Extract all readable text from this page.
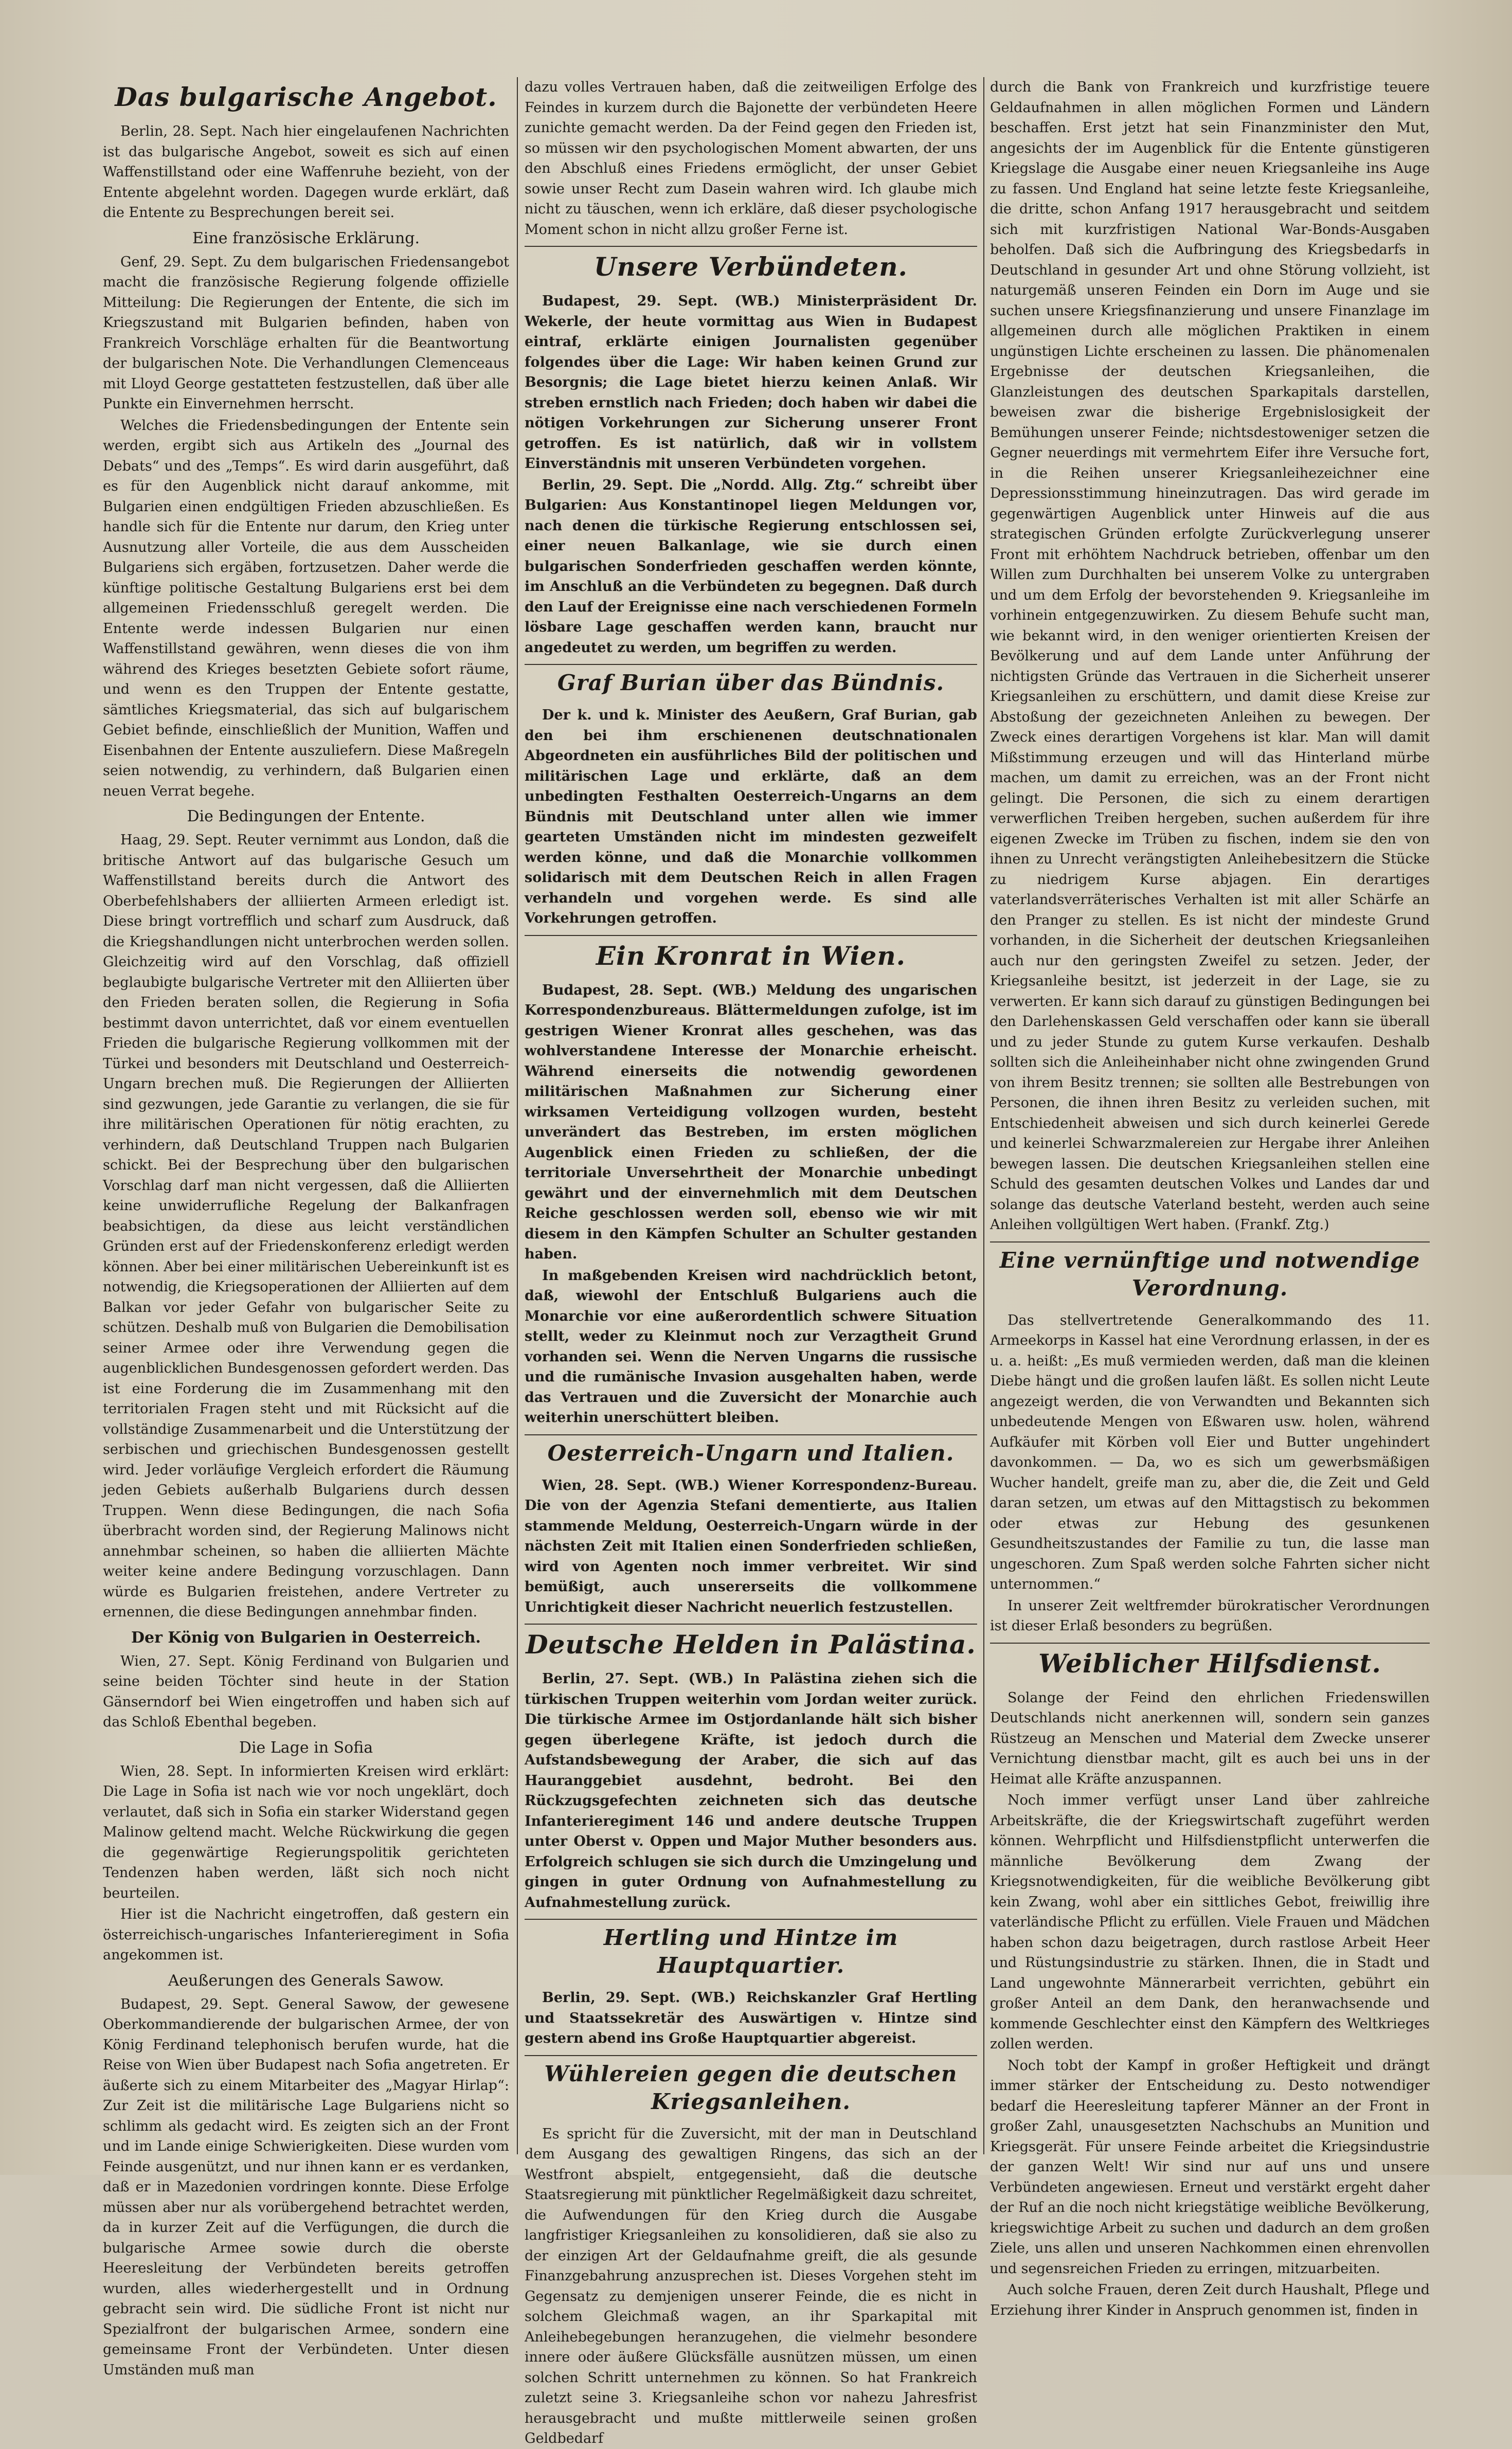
Das bulgarische Angebot.

Berlin, 28. Sept. Nach hier eingelaufenen Nachrichten ist das bulgarische Angebot, soweit es sich auf einen Waffenstillstand oder eine Waffenruhe bezieht, von der Entente abgelehnt worden. Dagegen wurde erklärt, daß die Entente zu Besprechungen bereit sei.

Eine französische Erklärung.

Genf, 29. Sept. Zu dem bulgarischen Friedensangebot macht die französische Regierung folgende offizielle Mitteilung: Die Regierungen der Entente, die sich im Kriegszustand mit Bulgarien befinden, haben von Frankreich Vorschläge erhalten für die Beantwortung der bulgarischen Note. Die Verhandlungen Clemenceaus mit Lloyd George gestatteten festzustellen, daß über alle Punkte ein Einvernehmen herrscht.

Welches die Friedensbedingungen der Entente sein werden, ergibt sich aus Artikeln des „Journal des Debats“ und des „Temps“. Es wird darin ausgeführt, daß es für den Augenblick nicht darauf ankomme, mit Bulgarien einen endgültigen Frieden abzuschließen. Es handle sich für die Entente nur darum, den Krieg unter Ausnutzung aller Vorteile, die aus dem Ausscheiden Bulgariens sich ergäben, fortzusetzen. Daher werde die künftige politische Gestaltung Bulgariens erst bei dem allgemeinen Friedensschluß geregelt werden. Die Entente werde indessen Bulgarien nur einen Waffenstillstand gewähren, wenn dieses die von ihm während des Krieges besetzten Gebiete sofort räume, und wenn es den Truppen der Entente gestatte, sämtliches Kriegsmaterial, das sich auf bulgarischem Gebiet befinde, einschließlich der Munition, Waffen und Eisenbahnen der Entente auszuliefern. Diese Maßregeln seien notwendig, zu verhindern, daß Bulgarien einen neuen Verrat begehe.

Die Bedingungen der Entente.

Haag, 29. Sept. Reuter vernimmt aus London, daß die britische Antwort auf das bulgarische Gesuch um Waffenstillstand bereits durch die Antwort des Oberbefehlshabers der alliierten Armeen erledigt ist. Diese bringt vortrefflich und scharf zum Ausdruck, daß die Kriegshandlungen nicht unterbrochen werden sollen. Gleichzeitig wird auf den Vorschlag, daß offiziell beglaubigte bulgarische Vertreter mit den Alliierten über den Frieden beraten sollen, die Regierung in Sofia bestimmt davon unterrichtet, daß vor einem eventuellen Frieden die bulgarische Regierung vollkommen mit der Türkei und besonders mit Deutschland und Oesterreich-Ungarn brechen muß. Die Regierungen der Alliierten sind gezwungen, jede Garantie zu verlangen, die sie für ihre militärischen Operationen für nötig erachten, zu verhindern, daß Deutschland Truppen nach Bulgarien schickt. Bei der Besprechung über den bulgarischen Vorschlag darf man nicht vergessen, daß die Alliierten keine unwiderrufliche Regelung der Balkanfragen beabsichtigen, da diese aus leicht verständlichen Gründen erst auf der Friedenskonferenz erledigt werden können. Aber bei einer militärischen Uebereinkunft ist es notwendig, die Kriegsoperationen der Alliierten auf dem Balkan vor jeder Gefahr von bulgarischer Seite zu schützen. Deshalb muß von Bulgarien die Demobilisation seiner Armee oder ihre Verwendung gegen die augenblicklichen Bundesgenossen gefordert werden. Das ist eine Forderung die im Zusammenhang mit den territorialen Fragen steht und mit Rücksicht auf die vollständige Zusammenarbeit und die Unterstützung der serbischen und griechischen Bundesgenossen gestellt wird. Jeder vorläufige Vergleich erfordert die Räumung jeden Gebiets außerhalb Bulgariens durch dessen Truppen. Wenn diese Bedingungen, die nach Sofia überbracht worden sind, der Regierung Malinows nicht annehmbar scheinen, so haben die alliierten Mächte weiter keine andere Bedingung vorzuschlagen. Dann würde es Bulgarien freistehen, andere Vertreter zu ernennen, die diese Bedingungen annehmbar finden.

Der König von Bulgarien in Oesterreich.

Wien, 27. Sept. König Ferdinand von Bulgarien und seine beiden Töchter sind heute in der Station Gänserndorf bei Wien eingetroffen und haben sich auf das Schloß Ebenthal begeben.

Die Lage in Sofia

Wien, 28. Sept. In informierten Kreisen wird erklärt: Die Lage in Sofia ist nach wie vor noch ungeklärt, doch verlautet, daß sich in Sofia ein starker Widerstand gegen Malinow geltend macht. Welche Rückwirkung die gegen die gegenwärtige Regierungspolitik gerichteten Tendenzen haben werden, läßt sich noch nicht beurteilen.

Hier ist die Nachricht eingetroffen, daß gestern ein österreichisch-ungarisches Infanterieregiment in Sofia angekommen ist.

Aeußerungen des Generals Sawow.

Budapest, 29. Sept. General Sawow, der gewesene Oberkommandierende der bulgarischen Armee, der von König Ferdinand telephonisch berufen wurde, hat die Reise von Wien über Budapest nach Sofia angetreten. Er äußerte sich zu einem Mitarbeiter des „Magyar Hirlap“: Zur Zeit ist die militärische Lage Bulgariens nicht so schlimm als gedacht wird. Es zeigten sich an der Front und im Lande einige Schwierigkeiten. Diese wurden vom Feinde ausgenützt, und nur ihnen kann er es verdanken, daß er in Mazedonien vordringen konnte. Diese Erfolge müssen aber nur als vorübergehend betrachtet werden, da in kurzer Zeit auf die Verfügungen, die durch die bulgarische Armee sowie durch die oberste Heeresleitung der Verbündeten bereits getroffen wurden, alles wiederhergestellt und in Ordnung gebracht sein wird. Die südliche Front ist nicht nur Spezialfront der bulgarischen Armee, sondern eine gemeinsame Front der Verbündeten. Unter diesen Umständen muß man

dazu volles Vertrauen haben, daß die zeitweiligen Erfolge des Feindes in kurzem durch die Bajonette der verbündeten Heere zunichte gemacht werden. Da der Feind gegen den Frieden ist, so müssen wir den psychologischen Moment abwarten, der uns den Abschluß eines Friedens ermöglicht, der unser Gebiet sowie unser Recht zum Dasein wahren wird. Ich glaube mich nicht zu täuschen, wenn ich erkläre, daß dieser psychologische Moment schon in nicht allzu großer Ferne ist.

Unsere Verbündeten.

Budapest, 29. Sept. (WB.) Ministerpräsident Dr. Wekerle, der heute vormittag aus Wien in Budapest eintraf, erklärte einigen Journalisten gegenüber folgendes über die Lage: Wir haben keinen Grund zur Besorgnis; die Lage bietet hierzu keinen Anlaß. Wir streben ernstlich nach Frieden; doch haben wir dabei die nötigen Vorkehrungen zur Sicherung unserer Front getroffen. Es ist natürlich, daß wir in vollstem Einverständnis mit unseren Verbündeten vorgehen.

Berlin, 29. Sept. Die „Nordd. Allg. Ztg.“ schreibt über Bulgarien: Aus Konstantinopel liegen Meldungen vor, nach denen die türkische Regierung entschlossen sei, einer neuen Balkanlage, wie sie durch einen bulgarischen Sonderfrieden geschaffen werden könnte, im Anschluß an die Verbündeten zu begegnen. Daß durch den Lauf der Ereignisse eine nach verschiedenen Formeln lösbare Lage geschaffen werden kann, braucht nur angedeutet zu werden, um begriffen zu werden.

Graf Burian über das Bündnis.

Der k. und k. Minister des Aeußern, Graf Burian, gab den bei ihm erschienenen deutschnationalen Abgeordneten ein ausführliches Bild der politischen und militärischen Lage und erklärte, daß an dem unbedingten Festhalten Oesterreich-Ungarns an dem Bündnis mit Deutschland unter allen wie immer gearteten Umständen nicht im mindesten gezweifelt werden könne, und daß die Monarchie vollkommen solidarisch mit dem Deutschen Reich in allen Fragen verhandeln und vorgehen werde. Es sind alle Vorkehrungen getroffen.

Ein Kronrat in Wien.

Budapest, 28. Sept. (WB.) Meldung des ungarischen Korrespondenzbureaus. Blättermeldungen zufolge, ist im gestrigen Wiener Kronrat alles geschehen, was das wohlverstandene Interesse der Monarchie erheischt. Während einerseits die notwendig gewordenen militärischen Maßnahmen zur Sicherung einer wirksamen Verteidigung vollzogen wurden, besteht unverändert das Bestreben, im ersten möglichen Augenblick einen Frieden zu schließen, der die territoriale Unversehrtheit der Monarchie unbedingt gewährt und der einvernehmlich mit dem Deutschen Reiche geschlossen werden soll, ebenso wie wir mit diesem in den Kämpfen Schulter an Schulter gestanden haben.

In maßgebenden Kreisen wird nachdrücklich betont, daß, wiewohl der Entschluß Bulgariens auch die Monarchie vor eine außerordentlich schwere Situation stellt, weder zu Kleinmut noch zur Verzagtheit Grund vorhanden sei. Wenn die Nerven Ungarns die russische und die rumänische Invasion ausgehalten haben, werde das Vertrauen und die Zuversicht der Monarchie auch weiterhin unerschüttert bleiben.

Oesterreich-Ungarn und Italien.

Wien, 28. Sept. (WB.) Wiener Korrespondenz-Bureau. Die von der Agenzia Stefani dementierte, aus Italien stammende Meldung, Oesterreich-Ungarn würde in der nächsten Zeit mit Italien einen Sonderfrieden schließen, wird von Agenten noch immer verbreitet. Wir sind bemüßigt, auch unsererseits die vollkommene Unrichtigkeit dieser Nachricht neuerlich festzustellen.

Deutsche Helden in Palästina.

Berlin, 27. Sept. (WB.) In Palästina ziehen sich die türkischen Truppen weiterhin vom Jordan weiter zurück. Die türkische Armee im Ostjordanlande hält sich bisher gegen überlegene Kräfte, ist jedoch durch die Aufstandsbewegung der Araber, die sich auf das Hauranggebiet ausdehnt, bedroht. Bei den Rückzugsgefechten zeichneten sich das deutsche Infanterieregiment 146 und andere deutsche Truppen unter Oberst v. Oppen und Major Muther besonders aus. Erfolgreich schlugen sie sich durch die Umzingelung und gingen in guter Ordnung von Aufnahmestellung zu Aufnahmestellung zurück.

Hertling und Hintze im Hauptquartier.

Berlin, 29. Sept. (WB.) Reichskanzler Graf Hertling und Staatssekretär des Auswärtigen v. Hintze sind gestern abend ins Große Hauptquartier abgereist.

Wühlereien gegen die deutschen Kriegsanleihen.

Es spricht für die Zuversicht, mit der man in Deutschland dem Ausgang des gewaltigen Ringens, das sich an der Westfront abspielt, entgegensieht, daß die deutsche Staatsregierung mit pünktlicher Regelmäßigkeit dazu schreitet, die Aufwendungen für den Krieg durch die Ausgabe langfristiger Kriegsanleihen zu konsolidieren, daß sie also zu der einzigen Art der Geldaufnahme greift, die als gesunde Finanzgebahrung anzusprechen ist. Dieses Vorgehen steht im Gegensatz zu demjenigen unserer Feinde, die es nicht in solchem Gleichmaß wagen, an ihr Sparkapital mit Anleihebegebungen heranzugehen, die vielmehr besondere innere oder äußere Glücksfälle ausnützen müssen, um einen solchen Schritt unternehmen zu können. So hat Frankreich zuletzt seine 3. Kriegsanleihe schon vor nahezu Jahresfrist herausgebracht und mußte mittlerweile seinen großen Geldbedarf

durch die Bank von Frankreich und kurzfristige teuere Geldaufnahmen in allen möglichen Formen und Ländern beschaffen. Erst jetzt hat sein Finanzminister den Mut, angesichts der im Augenblick für die Entente günstigeren Kriegslage die Ausgabe einer neuen Kriegsanleihe ins Auge zu fassen. Und England hat seine letzte feste Kriegsanleihe, die dritte, schon Anfang 1917 herausgebracht und seitdem sich mit kurzfristigen National War-Bonds-Ausgaben beholfen. Daß sich die Aufbringung des Kriegsbedarfs in Deutschland in gesunder Art und ohne Störung vollzieht, ist naturgemäß unseren Feinden ein Dorn im Auge und sie suchen unsere Kriegsfinanzierung und unsere Finanzlage im allgemeinen durch alle möglichen Praktiken in einem ungünstigen Lichte erscheinen zu lassen. Die phänomenalen Ergebnisse der deutschen Kriegsanleihen, die Glanzleistungen des deutschen Sparkapitals darstellen, beweisen zwar die bisherige Ergebnislosigkeit der Bemühungen unserer Feinde; nichtsdestoweniger setzen die Gegner neuerdings mit vermehrtem Eifer ihre Versuche fort, in die Reihen unserer Kriegsanleihezeichner eine Depressionsstimmung hineinzutragen. Das wird gerade im gegenwärtigen Augenblick unter Hinweis auf die aus strategischen Gründen erfolgte Zurückverlegung unserer Front mit erhöhtem Nachdruck betrieben, offenbar um den Willen zum Durchhalten bei unserem Volke zu untergraben und um dem Erfolg der bevorstehenden 9. Kriegsanleihe im vorhinein entgegenzuwirken. Zu diesem Behufe sucht man, wie bekannt wird, in den weniger orientierten Kreisen der Bevölkerung und auf dem Lande unter Anführung der nichtigsten Gründe das Vertrauen in die Sicherheit unserer Kriegsanleihen zu erschüttern, und damit diese Kreise zur Abstoßung der gezeichneten Anleihen zu bewegen. Der Zweck eines derartigen Vorgehens ist klar. Man will damit Mißstimmung erzeugen und will das Hinterland mürbe machen, um damit zu erreichen, was an der Front nicht gelingt. Die Personen, die sich zu einem derartigen verwerflichen Treiben hergeben, suchen außerdem für ihre eigenen Zwecke im Trüben zu fischen, indem sie den von ihnen zu Unrecht verängstigten Anleihebesitzern die Stücke zu niedrigem Kurse abjagen. Ein derartiges vaterlandsverräterisches Verhalten ist mit aller Schärfe an den Pranger zu stellen. Es ist nicht der mindeste Grund vorhanden, in die Sicherheit der deutschen Kriegsanleihen auch nur den geringsten Zweifel zu setzen. Jeder, der Kriegsanleihe besitzt, ist jederzeit in der Lage, sie zu verwerten. Er kann sich darauf zu günstigen Bedingungen bei den Darlehenskassen Geld verschaffen oder kann sie überall und zu jeder Stunde zu gutem Kurse verkaufen. Deshalb sollten sich die Anleiheinhaber nicht ohne zwingenden Grund von ihrem Besitz trennen; sie sollten alle Bestrebungen von Personen, die ihnen ihren Besitz zu verleiden suchen, mit Entschiedenheit abweisen und sich durch keinerlei Gerede und keinerlei Schwarzmalereien zur Hergabe ihrer Anleihen bewegen lassen. Die deutschen Kriegsanleihen stellen eine Schuld des gesamten deutschen Volkes und Landes dar und solange das deutsche Vaterland besteht, werden auch seine Anleihen vollgültigen Wert haben. (Frankf. Ztg.)

Eine vernünftige und notwendige Verordnung.

Das stellvertretende Generalkommando des 11. Armeekorps in Kassel hat eine Verordnung erlassen, in der es u. a. heißt: „Es muß vermieden werden, daß man die kleinen Diebe hängt und die großen laufen läßt. Es sollen nicht Leute angezeigt werden, die von Verwandten und Bekannten sich unbedeutende Mengen von Eßwaren usw. holen, während Aufkäufer mit Körben voll Eier und Butter ungehindert davonkommen. — Da, wo es sich um gewerbsmäßigen Wucher handelt, greife man zu, aber die, die Zeit und Geld daran setzen, um etwas auf den Mittagstisch zu bekommen oder etwas zur Hebung des gesunkenen Gesundheitszustandes der Familie zu tun, die lasse man ungeschoren. Zum Spaß werden solche Fahrten sicher nicht unternommen.“

In unserer Zeit weltfremder bürokratischer Verordnungen ist dieser Erlaß besonders zu begrüßen.

Weiblicher Hilfsdienst.

Solange der Feind den ehrlichen Friedenswillen Deutschlands nicht anerkennen will, sondern sein ganzes Rüstzeug an Menschen und Material dem Zwecke unserer Vernichtung dienstbar macht, gilt es auch bei uns in der Heimat alle Kräfte anzuspannen.

Noch immer verfügt unser Land über zahlreiche Arbeitskräfte, die der Kriegswirtschaft zugeführt werden können. Wehrpflicht und Hilfsdienstpflicht unterwerfen die männliche Bevölkerung dem Zwang der Kriegsnotwendigkeiten, für die weibliche Bevölkerung gibt kein Zwang, wohl aber ein sittliches Gebot, freiwillig ihre vaterländische Pflicht zu erfüllen. Viele Frauen und Mädchen haben schon dazu beigetragen, durch rastlose Arbeit Heer und Rüstungsindustrie zu stärken. Ihnen, die in Stadt und Land ungewohnte Männerarbeit verrichten, gebührt ein großer Anteil an dem Dank, den heranwachsende und kommende Geschlechter einst den Kämpfern des Weltkrieges zollen werden.

Noch tobt der Kampf in großer Heftigkeit und drängt immer stärker der Entscheidung zu. Desto notwendiger bedarf die Heeresleitung tapferer Männer an der Front in großer Zahl, unausgesetzten Nachschubs an Munition und Kriegsgerät. Für unsere Feinde arbeitet die Kriegsindustrie der ganzen Welt! Wir sind nur auf uns und unsere Verbündeten angewiesen. Erneut und verstärkt ergeht daher der Ruf an die noch nicht kriegstätige weibliche Bevölkerung, kriegswichtige Arbeit zu suchen und dadurch an dem großen Ziele, uns allen und unseren Nachkommen einen ehrenvollen und segensreichen Frieden zu erringen, mitzuarbeiten.

Auch solche Frauen, deren Zeit durch Haushalt, Pflege und Erziehung ihrer Kinder in Anspruch genommen ist, finden in
